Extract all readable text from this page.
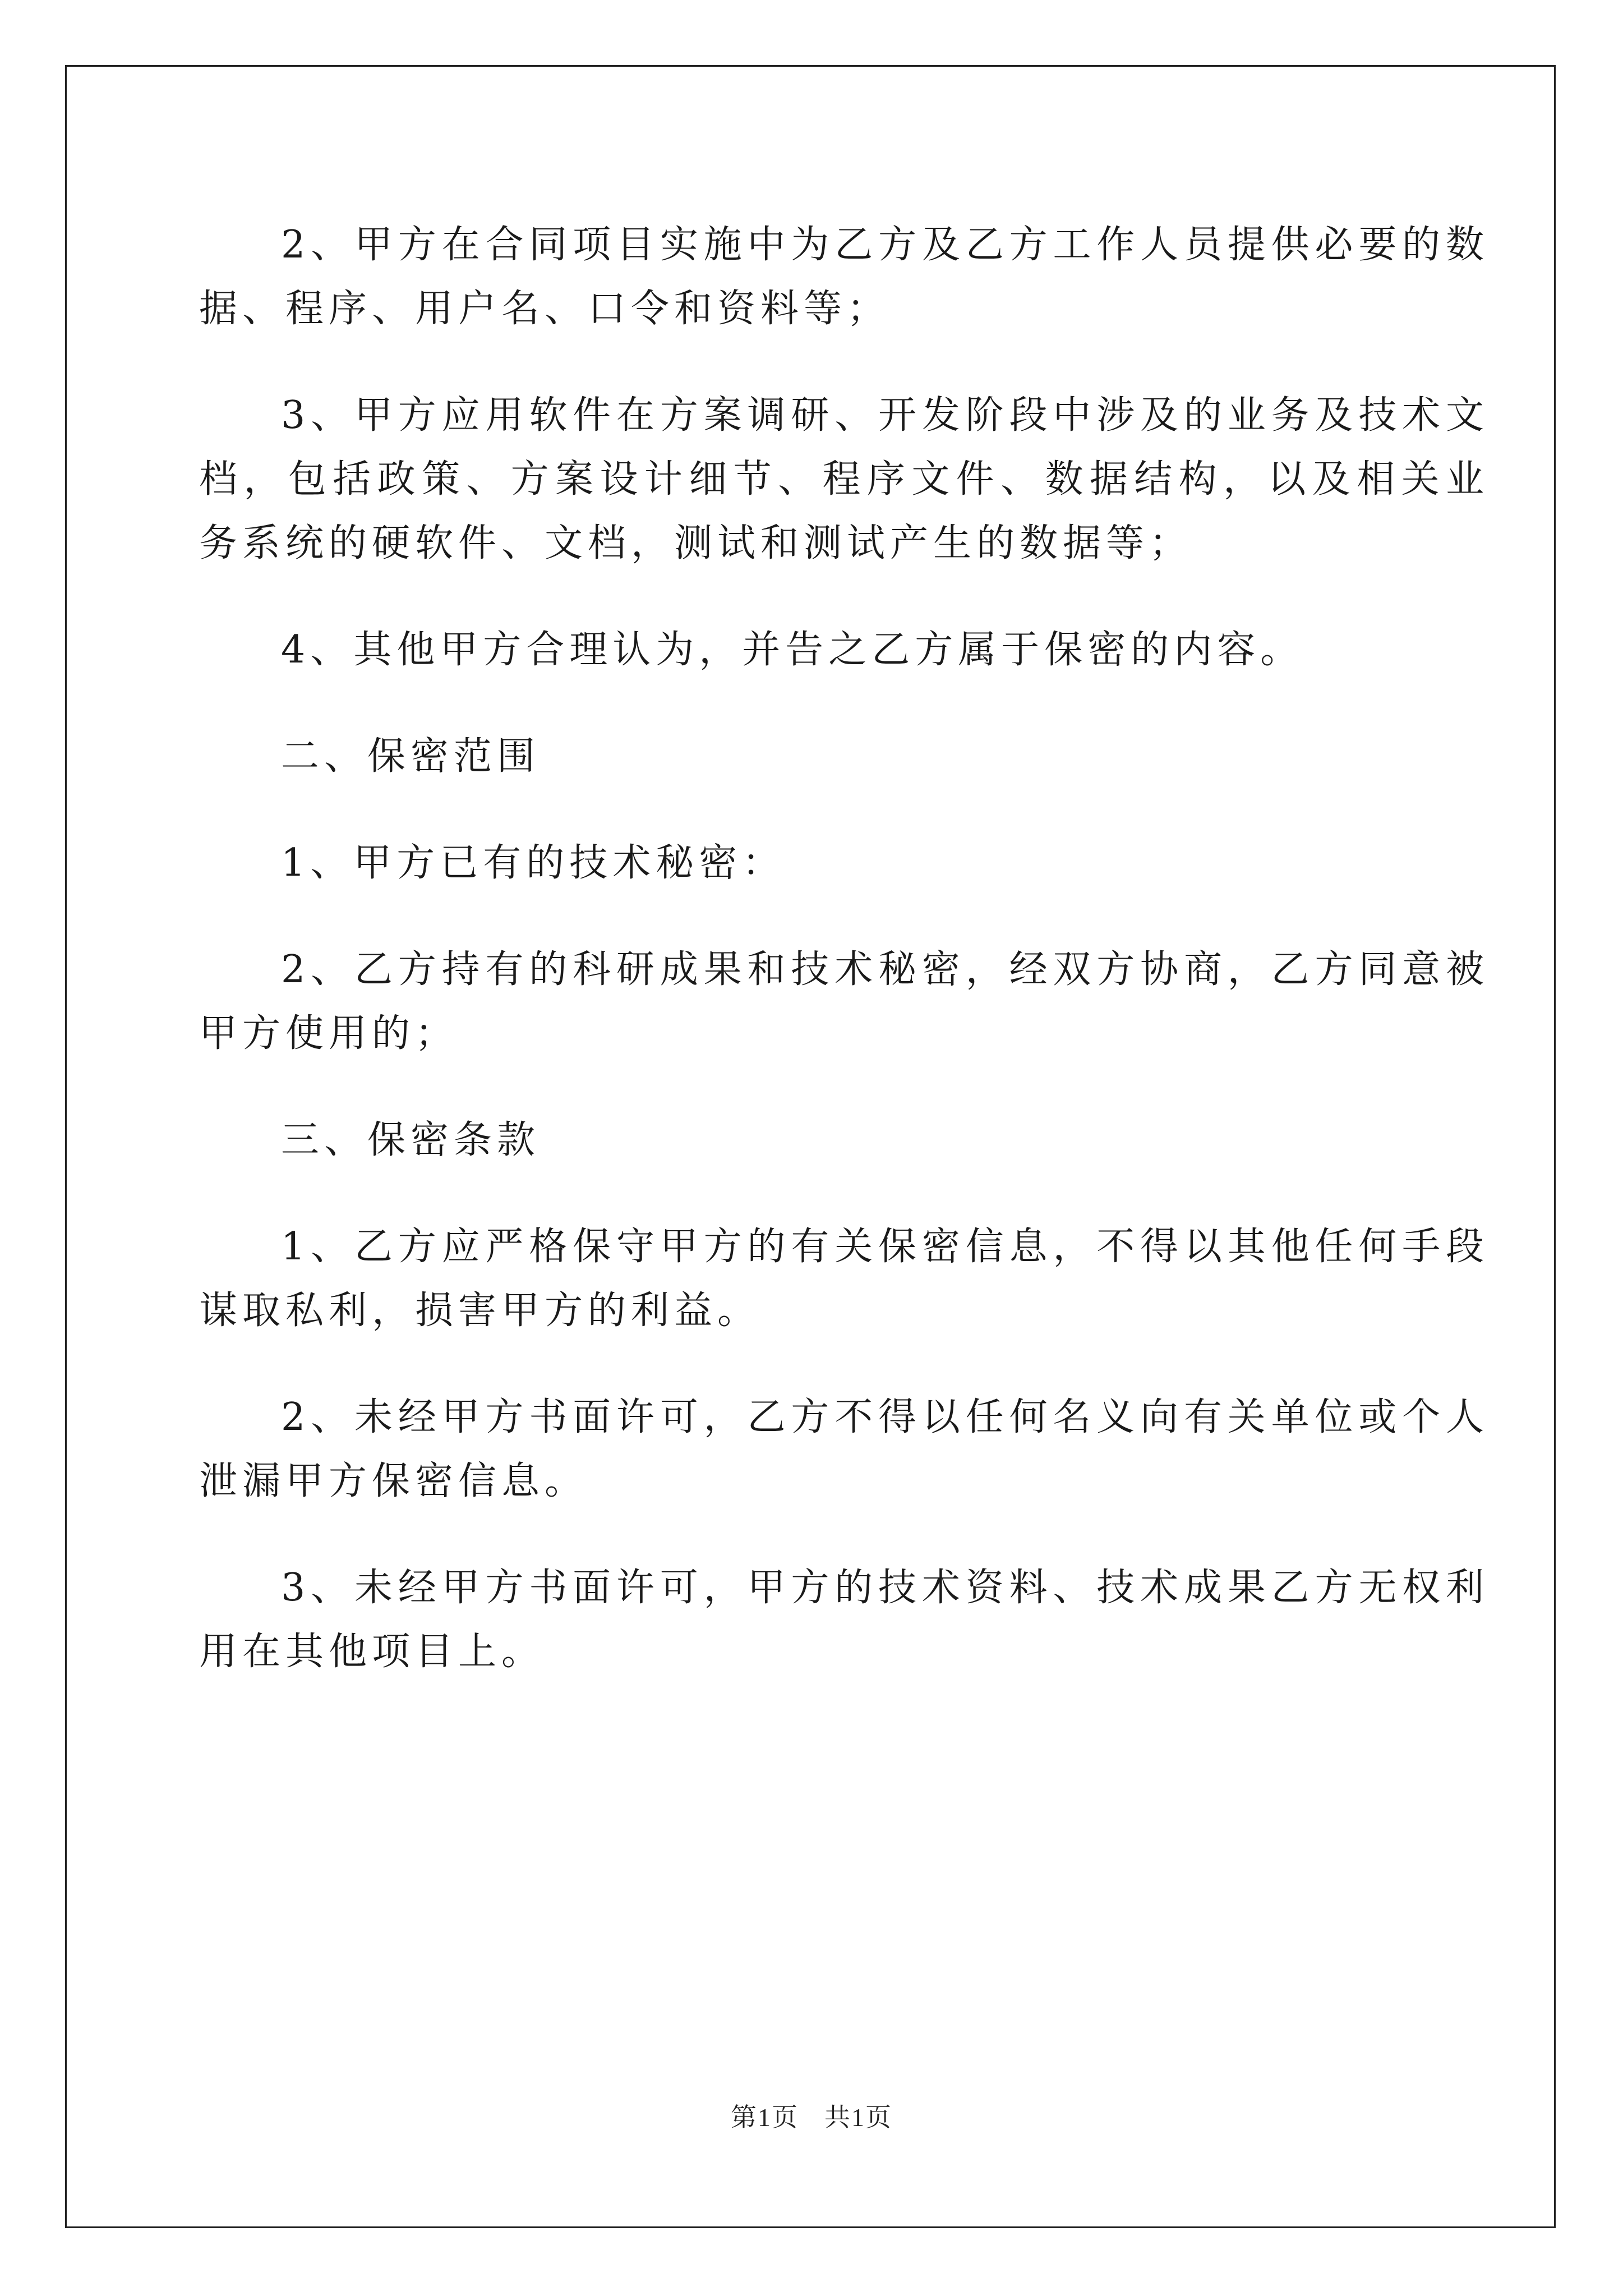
2、甲方在合同项目实施中为乙方及乙方工作人员提供必要的数据、程序、用户名、口令和资料等；

3、甲方应用软件在方案调研、开发阶段中涉及的业务及技术文档，包括政策、方案设计细节、程序文件、数据结构，以及相关业务系统的硬软件、文档，测试和测试产生的数据等；

4、其他甲方合理认为，并告之乙方属于保密的内容。

二、保密范围

1、甲方已有的技术秘密：

2、乙方持有的科研成果和技术秘密，经双方协商，乙方同意被甲方使用的；

三、保密条款

1、乙方应严格保守甲方的有关保密信息，不得以其他任何手段谋取私利，损害甲方的利益。

2、未经甲方书面许可，乙方不得以任何名义向有关单位或个人泄漏甲方保密信息。

3、未经甲方书面许可，甲方的技术资料、技术成果乙方无权利用在其他项目上。

第1页 共1页
